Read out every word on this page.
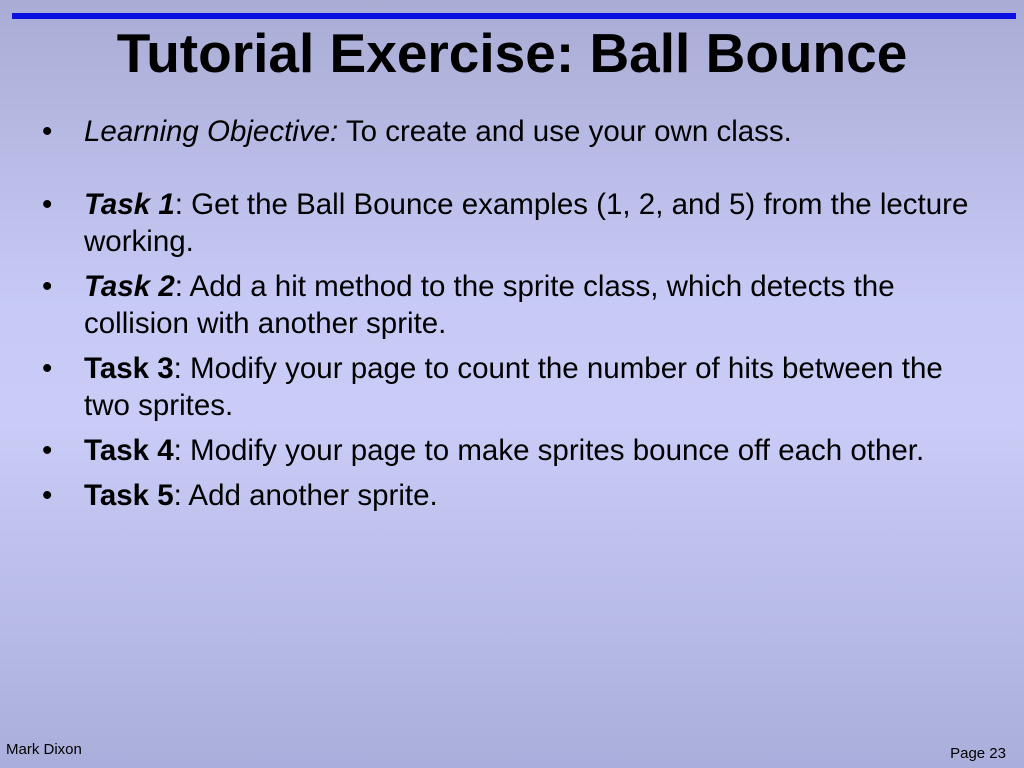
Tutorial Exercise: Ball Bounce
• Learning Objective: To create and use your own class.
• Task 1: Get the Ball Bounce examples (1, 2, and 5) from the lecture working.
• Task 2: Add a hit method to the sprite class, which detects the collision with another sprite.
• Task 3: Modify your page to count the number of hits between the two sprites.
• Task 4: Modify your page to make sprites bounce off each other.
• Task 5: Add another sprite.
Mark Dixon	Page 23
